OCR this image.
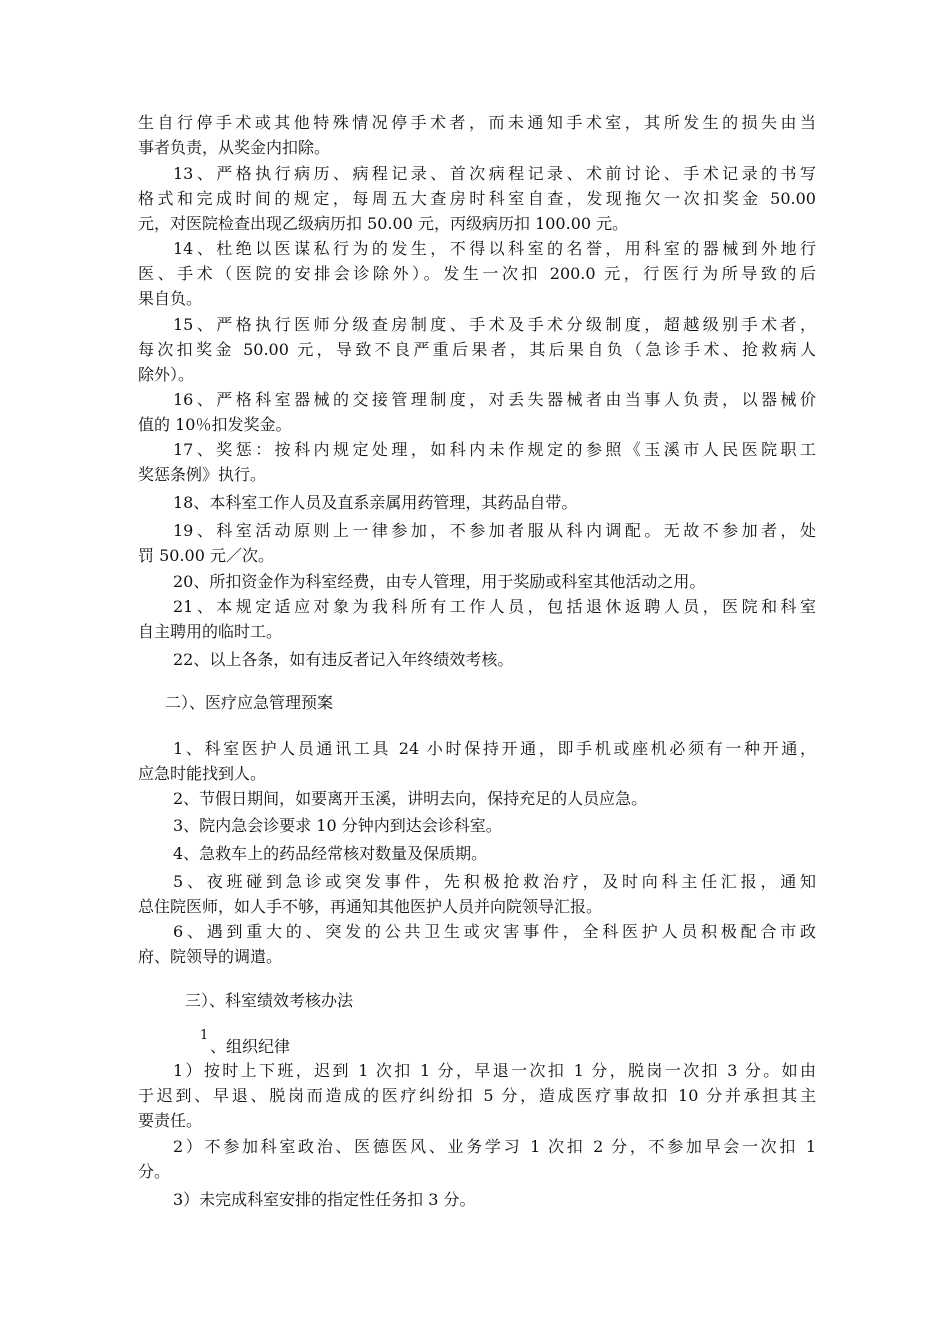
生自行停手术或其他特殊情况停手术者，而未通知手术室，其所发生的损失由当
事者负责，从奖金内扣除。
13、严格执行病历、病程记录、首次病程记录、术前讨论、手术记录的书写
格式和完成时间的规定，每周五大查房时科室自查，发现拖欠一次扣奖金 50.00
元，对医院检查出现乙级病历扣 50.00 元，丙级病历扣 100.00 元。
14、杜绝以医谋私行为的发生，不得以科室的名誉，用科室的器械到外地行
医、手术（医院的安排会诊除外）。发生一次扣 200.0 元，行医行为所导致的后
果自负。
15、严格执行医师分级查房制度、手术及手术分级制度，超越级别手术者，
每次扣奖金 50.00 元，导致不良严重后果者，其后果自负（急诊手术、抢救病人
除外）。
16、严格科室器械的交接管理制度，对丢失器械者由当事人负责，以器械价
值的 10％扣发奖金。
17、奖惩：按科内规定处理，如科内未作规定的参照《玉溪市人民医院职工
奖惩条例》执行。
18、本科室工作人员及直系亲属用药管理，其药品自带。
19、科室活动原则上一律参加，不参加者服从科内调配。无故不参加者，处
罚 50.00 元／次。
20、所扣资金作为科室经费，由专人管理，用于奖励或科室其他活动之用。
21、本规定适应对象为我科所有工作人员，包括退休返聘人员，医院和科室
自主聘用的临时工。
22、以上各条，如有违反者记入年终绩效考核。
二）、医疗应急管理预案
1、科室医护人员通讯工具 24 小时保持开通，即手机或座机必须有一种开通，
应急时能找到人。
2、节假日期间，如要离开玉溪，讲明去向，保持充足的人员应急。
3、院内急会诊要求 10 分钟内到达会诊科室。
4、急救车上的药品经常核对数量及保质期。
5、夜班碰到急诊或突发事件，先积极抢救治疗，及时向科主任汇报，通知
总住院医师，如人手不够，再通知其他医护人员并向院领导汇报。
6、遇到重大的、突发的公共卫生或灾害事件，全科医护人员积极配合市政
府、院领导的调遣。
三）、科室绩效考核办法
1
、组织纪律
1）按时上下班，迟到 1 次扣 1 分，早退一次扣 1 分，脱岗一次扣 3 分。如由
于迟到、早退、脱岗而造成的医疗纠纷扣 5 分，造成医疗事故扣 10 分并承担其主
要责任。
2）不参加科室政治、医德医风、业务学习 1 次扣 2 分，不参加早会一次扣 1
分。
3）未完成科室安排的指定性任务扣 3 分。
